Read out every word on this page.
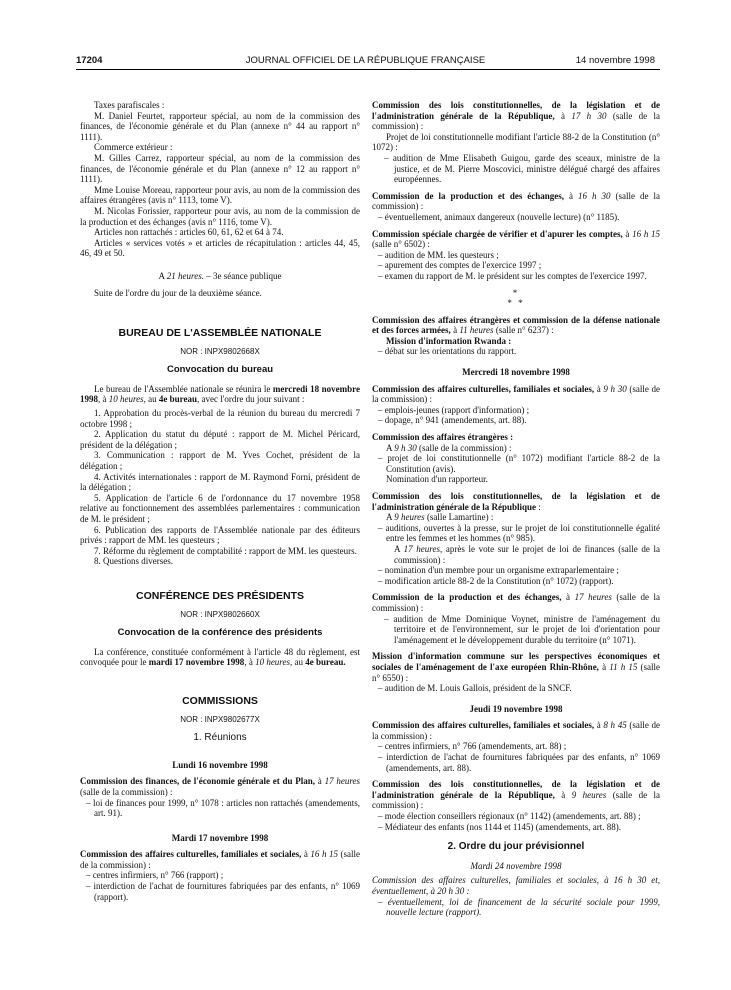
17204	JOURNAL OFFICIEL DE LA RÉPUBLIQUE FRANÇAISE	14 novembre 1998

Taxes parafiscales :

M. Daniel Feurtet, rapporteur spécial, au nom de la commission des finances, de l'économie générale et du Plan (annexe n° 44 au rapport n° 1111).

Commerce extérieur :

M. Gilles Carrez, rapporteur spécial, au nom de la commission des finances, de l'économie générale et du Plan (annexe n° 12 au rapport n° 1111).

Mme Louise Moreau, rapporteur pour avis, au nom de la commission des affaires étrangères (avis n° 1113, tome V).

M. Nicolas Forissier, rapporteur pour avis, au nom de la commission de la production et des échanges (avis n° 1116, tome V).

Articles non rattachés : articles 60, 61, 62 et 64 à 74.

Articles « services votés » et articles de récapitulation : articles 44, 45, 46, 49 et 50.

A 21 heures. – 3e séance publique

Suite de l'ordre du jour de la deuxième séance.

BUREAU DE L'ASSEMBLÉE NATIONALE
NOR : INPX9802668X
Convocation du bureau

Le bureau de l'Assemblée nationale se réunira le mercredi 18 novembre 1998, à 10 heures, au 4e bureau, avec l'ordre du jour suivant :

1. Approbation du procès-verbal de la réunion du bureau du mercredi 7 octobre 1998 ;

2. Application du statut du député : rapport de M. Michel Péricard, président de la délégation ;

3. Communication : rapport de M. Yves Cochet, président de la délégation ;

4. Activités internationales : rapport de M. Raymond Forni, président de la délégation ;

5. Application de l'article 6 de l'ordonnance du 17 novembre 1958 relative au fonctionnement des assemblées parlementaires : communication de M. le président ;

6. Publication des rapports de l'Assemblée nationale par des éditeurs privés : rapport de MM. les questeurs ;

7. Réforme du règlement de comptabilité : rapport de MM. les questeurs.

8. Questions diverses.

CONFÉRENCE DES PRÉSIDENTS
NOR : INPX9802660X
Convocation de la conférence des présidents

La conférence, constituée conformément à l'article 48 du règlement, est convoquée pour le mardi 17 novembre 1998, à 10 heures, au 4e bureau.

COMMISSIONS
NOR : INPX9802677X
1. Réunions
Lundi 16 novembre 1998

Commission des finances, de l'économie générale et du Plan, à 17 heures (salle de la commission) :

– loi de finances pour 1999, n° 1078 : articles non rattachés (amendements, art. 91).

Mardi 17 novembre 1998

Commission des affaires culturelles, familiales et sociales, à 16 h 15 (salle de la commission) :

– centres infirmiers, n° 766 (rapport) ;

– interdiction de l'achat de fournitures fabriquées par des enfants, n° 1069 (rapport).

Commission des lois constitutionnelles, de la législation et de l'administration générale de la République, à 17 h 30 (salle de la commission) :

Projet de loi constitutionnelle modifiant l'article 88-2 de la Constitution (n° 1072) :

– audition de Mme Elisabeth Guigou, garde des sceaux, ministre de la justice, et de M. Pierre Moscovici, ministre délégué chargé des affaires européennes.

Commission de la production et des échanges, à 16 h 30 (salle de la commission) :

– éventuellement, animaux dangereux (nouvelle lecture) (n° 1185).

Commission spéciale chargée de vérifier et d'apurer les comptes, à 16 h 15 (salle n° 6502) :

– audition de MM. les questeurs ;

– apurement des comptes de l'exercice 1997 ;

– examen du rapport de M. le président sur les comptes de l'exercice 1997.

*
* *

Commission des affaires étrangères et commission de la défense nationale et des forces armées, à 11 heures (salle n° 6237) :

Mission d'information Rwanda :

– débat sur les orientations du rapport.

Mercredi 18 novembre 1998

Commission des affaires culturelles, familiales et sociales, à 9 h 30 (salle de la commission) :

– emplois-jeunes (rapport d'information) ;

– dopage, n° 941 (amendements, art. 88).

Commission des affaires étrangères :

A 9 h 30 (salle de la commission) :

– projet de loi constitutionnelle (n° 1072) modifiant l'article 88-2 de la Constitution (avis).

Nomination d'un rapporteur.

Commission des lois constitutionnelles, de la législation et de l'administration générale de la République :

A 9 heures (salle Lamartine) :

– auditions, ouvertes à la presse, sur le projet de loi constitutionnelle égalité entre les femmes et les hommes (n° 985).

A 17 heures, après le vote sur le projet de loi de finances (salle de la commission) :

– nomination d'un membre pour un organisme extraparlementaire ;

– modification article 88-2 de la Constitution (n° 1072) (rapport).

Commission de la production et des échanges, à 17 heures (salle de la commission) :

– audition de Mme Dominique Voynet, ministre de l'aménagement du territoire et de l'environnement, sur le projet de loi d'orientation pour l'aménagement et le développement durable du territoire (n° 1071).

Mission d'information commune sur les perspectives économiques et sociales de l'aménagement de l'axe européen Rhin-Rhône, à 11 h 15 (salle n° 6550) :

– audition de M. Louis Gallois, président de la SNCF.

Jeudi 19 novembre 1998

Commission des affaires culturelles, familiales et sociales, à 8 h 45 (salle de la commission) :

– centres infirmiers, n° 766 (amendements, art. 88) ;

– interdiction de l'achat de fournitures fabriquées par des enfants, n° 1069 (amendements, art. 88).

Commission des lois constitutionnelles, de la législation et de l'administration générale de la République, à 9 heures (salle de la commission) :

– mode élection conseillers régionaux (n° 1142) (amendements, art. 88) ;

– Médiateur des enfants (nos 1144 et 1145) (amendements, art. 88).

2. Ordre du jour prévisionnel
Mardi 24 novembre 1998

Commission des affaires culturelles, familiales et sociales, à 16 h 30 et, éventuellement, à 20 h 30 :

– éventuellement, loi de financement de la sécurité sociale pour 1999, nouvelle lecture (rapport).
